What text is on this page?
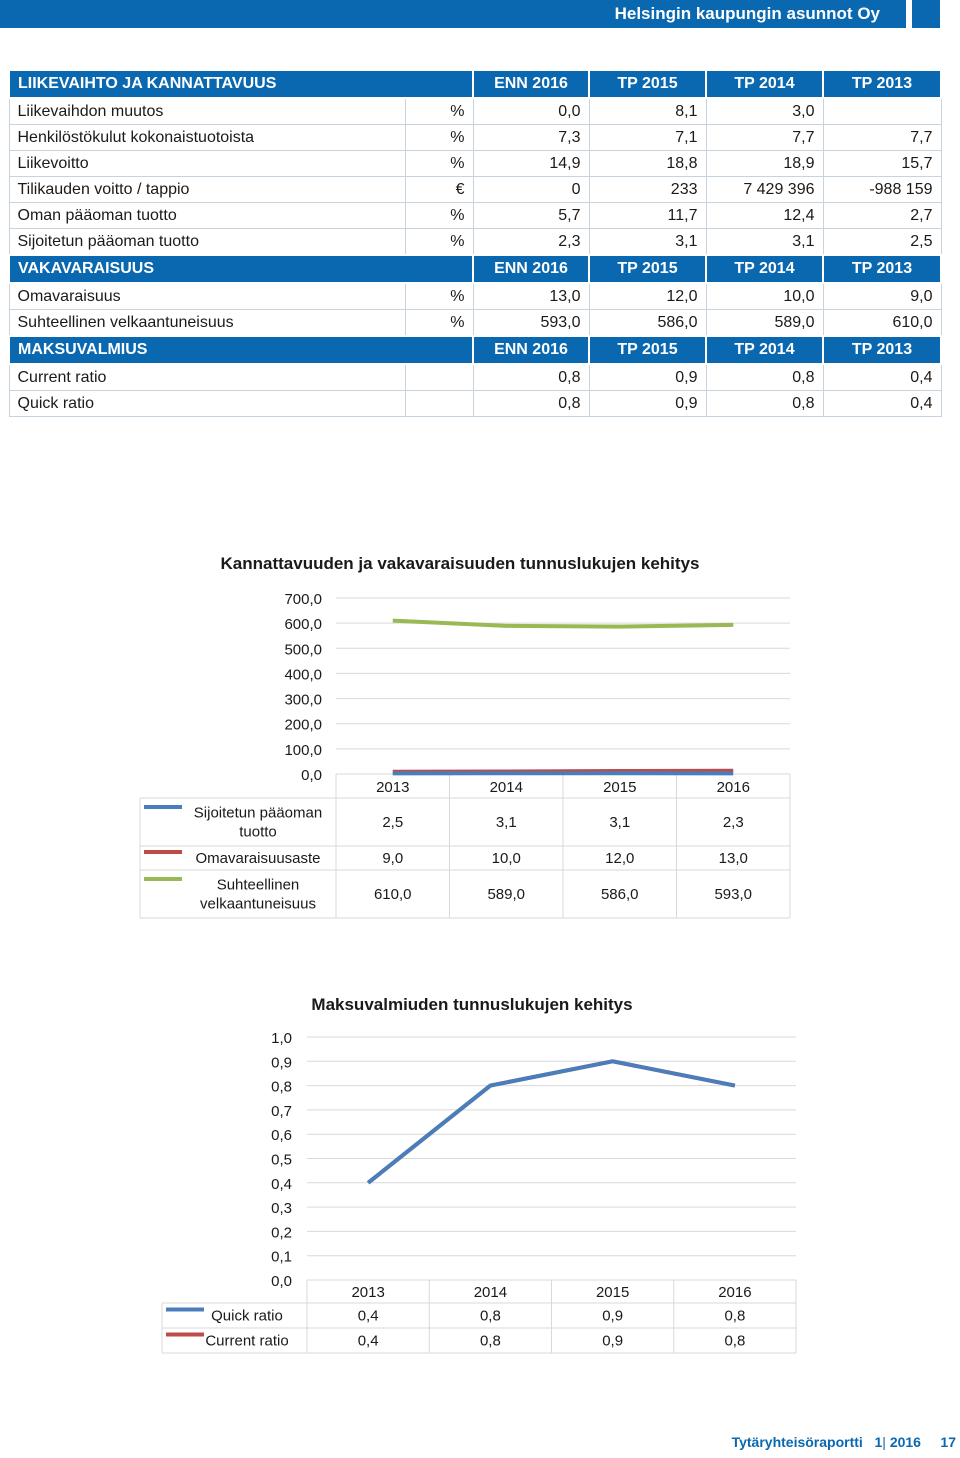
Helsingin kaupungin asunnot Oy
LIIKEVAIHTO JA KANNATTAVUUS		ENN 2016	TP 2015	TP 2014	TP 2013
Liikevaihdon muutos	%	0,0	8,1	3,0	
Henkilöstökulut kokonaistuotoista	%	7,3	7,1	7,7	7,7
Liikevoitto	%	14,9	18,8	18,9	15,7
Tilikauden voitto / tappio	€	0	233	7 429 396	-988 159
Oman pääoman tuotto	%	5,7	11,7	12,4	2,7
Sijoitetun pääoman tuotto	%	2,3	3,1	3,1	2,5
VAKAVARAISUUS		ENN 2016	TP 2015	TP 2014	TP 2013
Omavaraisuus	%	13,0	12,0	10,0	9,0
Suhteellinen velkaantuneisuus	%	593,0	586,0	589,0	610,0
MAKSUVALMIUS		ENN 2016	TP 2015	TP 2014	TP 2013
Current ratio		0,8	0,9	0,8	0,4
Quick ratio		0,8	0,9	0,8	0,4
Kannattavuuden ja vakavaraisuuden tunnuslukujen kehitys
0,0
100,0
200,0
300,0
400,0
500,0
600,0
700,0
2013	2014	2015	2016
Sijoitetun pääoman tuotto
2,5	3,1	3,1	2,3
Omavaraisuusaste	9,0	10,0	12,0	13,0
Suhteellinen velkaantuneisuus
610,0	589,0	586,0	593,0
Maksuvalmiuden tunnuslukujen kehitys
0,0
0,1
0,2
0,3
0,4
0,5
0,6
0,7
0,8
0,9
1,0
2013	2014	2015	2016
Quick ratio	0,4	0,8	0,9	0,8
Current ratio	0,4	0,8	0,9	0,8
Tytäryhteisöraportti 1| 2016 17
